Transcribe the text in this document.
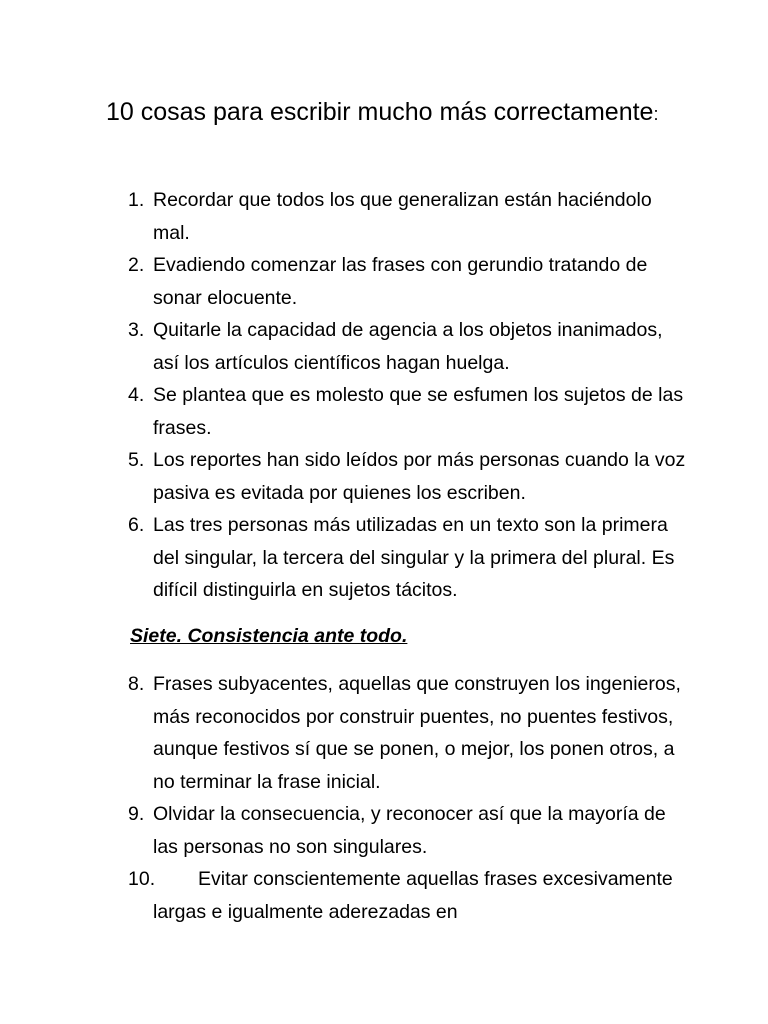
10 cosas para escribir mucho más correctamente:
1. Recordar que todos los que generalizan están haciéndolo mal.
2. Evadiendo comenzar las frases con gerundio tratando de sonar elocuente.
3. Quitarle la capacidad de agencia a los objetos inanimados, así los artículos científicos hagan huelga.
4. Se plantea que es molesto que se esfumen los sujetos de las frases.
5. Los reportes han sido leídos por más personas cuando la voz pasiva es evitada por quienes los escriben.
6. Las tres personas más utilizadas en un texto son la primera del singular, la tercera del singular y la primera del plural. Es difícil distinguirla en sujetos tácitos.

Siete. Consistencia ante todo.

8. Frases subyacentes, aquellas que construyen los ingenieros, más reconocidos por construir puentes, no puentes festivos, aunque festivos sí que se ponen, o mejor, los ponen otros, a no terminar la frase inicial.
9. Olvidar la consecuencia, y reconocer así que la mayoría de las personas no son singulares.
10. Evitar conscientemente aquellas frases excesivamente largas e igualmente aderezadas en
